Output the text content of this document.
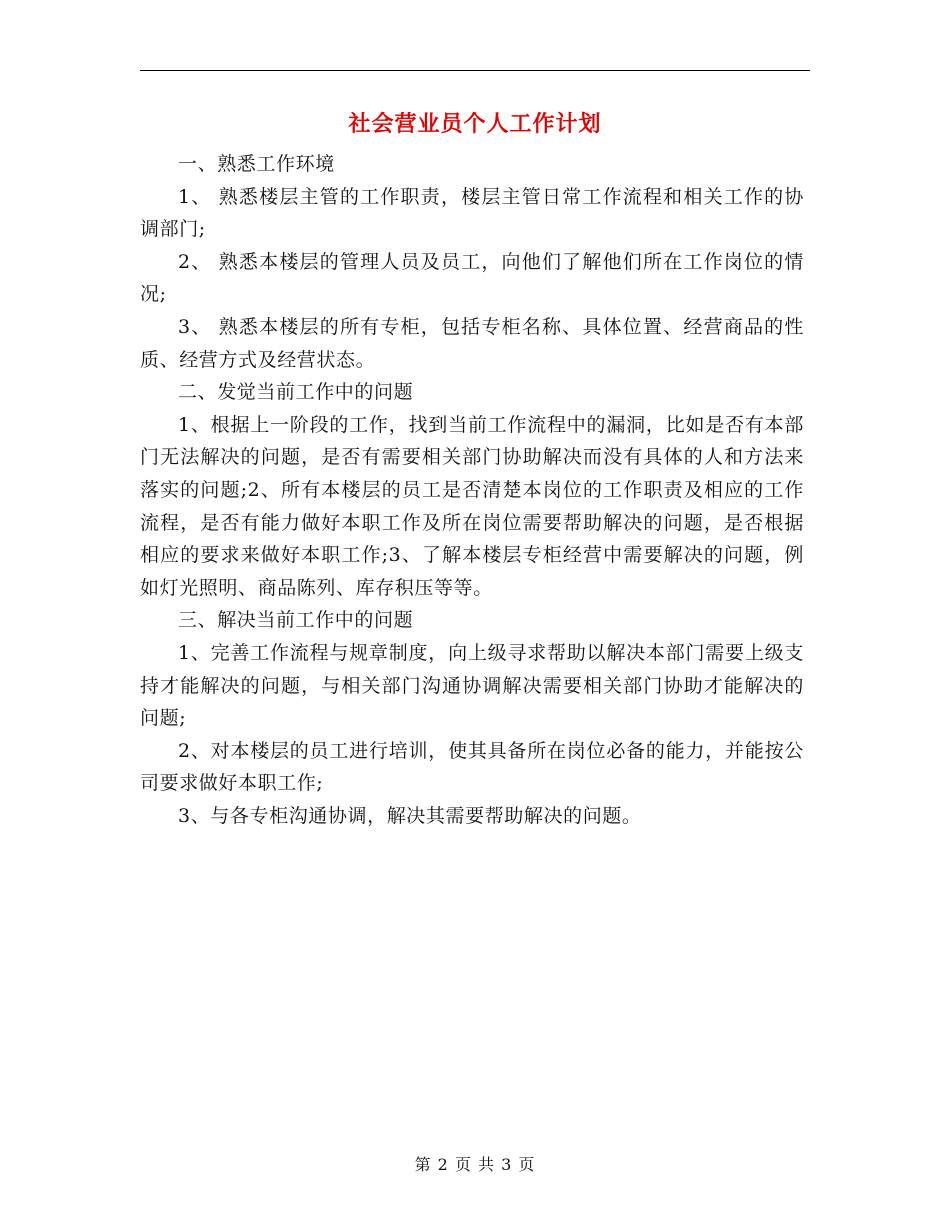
社会营业员个人工作计划

一、熟悉工作环境

1、 熟悉楼层主管的工作职责，楼层主管日常工作流程和相关工作的协调部门;

2、 熟悉本楼层的管理人员及员工，向他们了解他们所在工作岗位的情况;

3、 熟悉本楼层的所有专柜，包括专柜名称、具体位置、经营商品的性质、经营方式及经营状态。

二、发觉当前工作中的问题

1、根据上一阶段的工作，找到当前工作流程中的漏洞，比如是否有本部门无法解决的问题，是否有需要相关部门协助解决而没有具体的人和方法来落实的问题;2、所有本楼层的员工是否清楚本岗位的工作职责及相应的工作流程，是否有能力做好本职工作及所在岗位需要帮助解决的问题，是否根据相应的要求来做好本职工作;3、了解本楼层专柜经营中需要解决的问题，例如灯光照明、商品陈列、库存积压等等。

三、解决当前工作中的问题

1、完善工作流程与规章制度，向上级寻求帮助以解决本部门需要上级支持才能解决的问题，与相关部门沟通协调解决需要相关部门协助才能解决的问题;

2、对本楼层的员工进行培训，使其具备所在岗位必备的能力，并能按公司要求做好本职工作;

3、与各专柜沟通协调，解决其需要帮助解决的问题。

第 2 页 共 3 页
